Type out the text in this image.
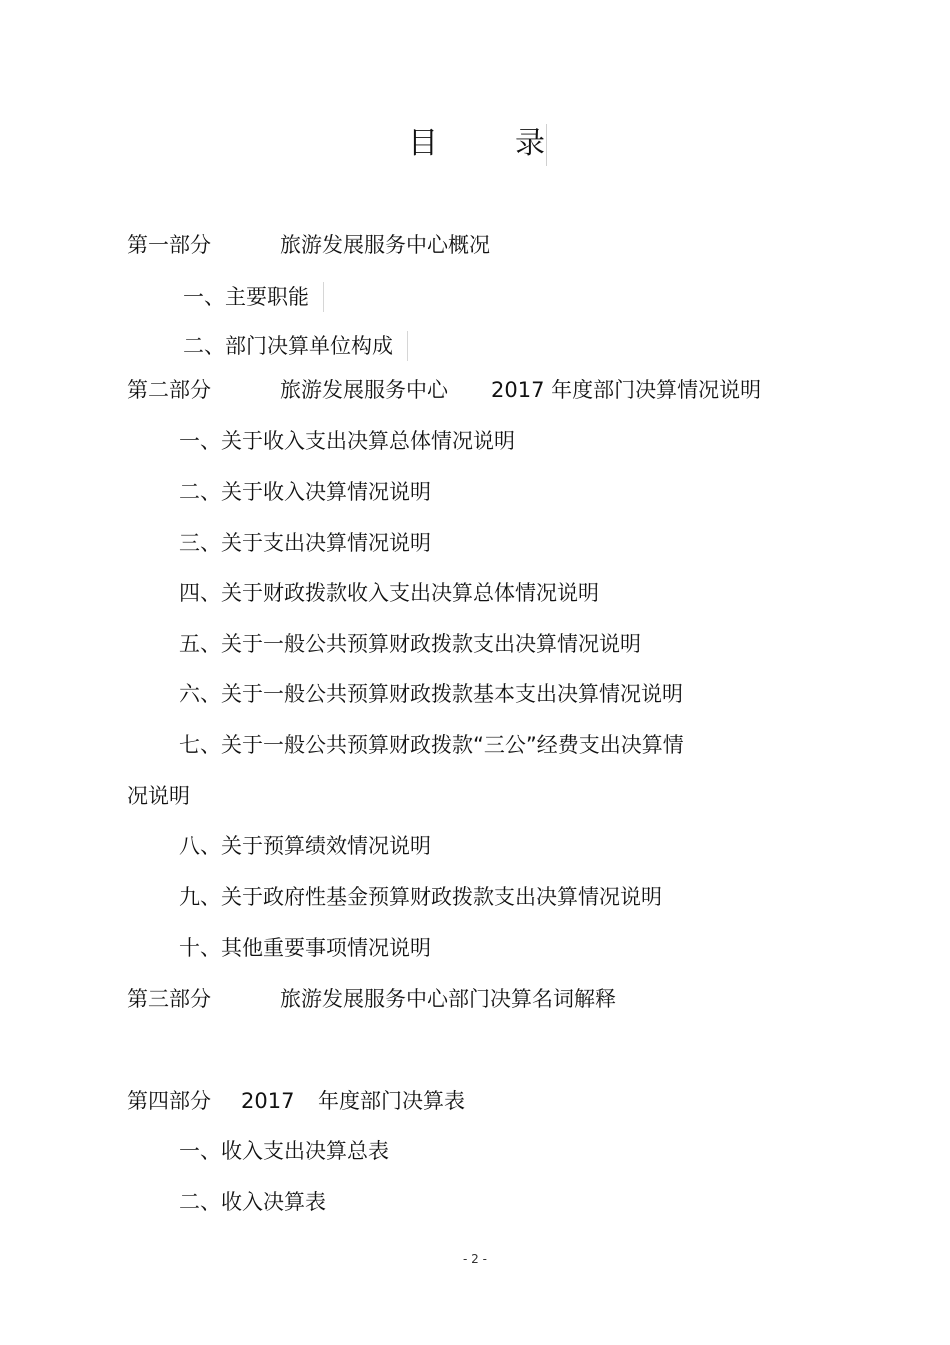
目	录
第一部分	旅游发展服务中心概况
一、主要职能
二、部门决算单位构成
第二部分	旅游发展服务中心 2017 年度部门决算情况说明
一、关于收入支出决算总体情况说明
二、关于收入决算情况说明
三、关于支出决算情况说明
四、关于财政拨款收入支出决算总体情况说明
五、关于一般公共预算财政拨款支出决算情况说明
六、关于一般公共预算财政拨款基本支出决算情况说明
七、关于一般公共预算财政拨款“三公”经费支出决算情
况说明
八、关于预算绩效情况说明
九、关于政府性基金预算财政拨款支出决算情况说明
十、其他重要事项情况说明
第三部分	旅游发展服务中心部门决算名词解释
第四部分 2017 年度部门决算表
一、收入支出决算总表
二、收入决算表
- 2 -
